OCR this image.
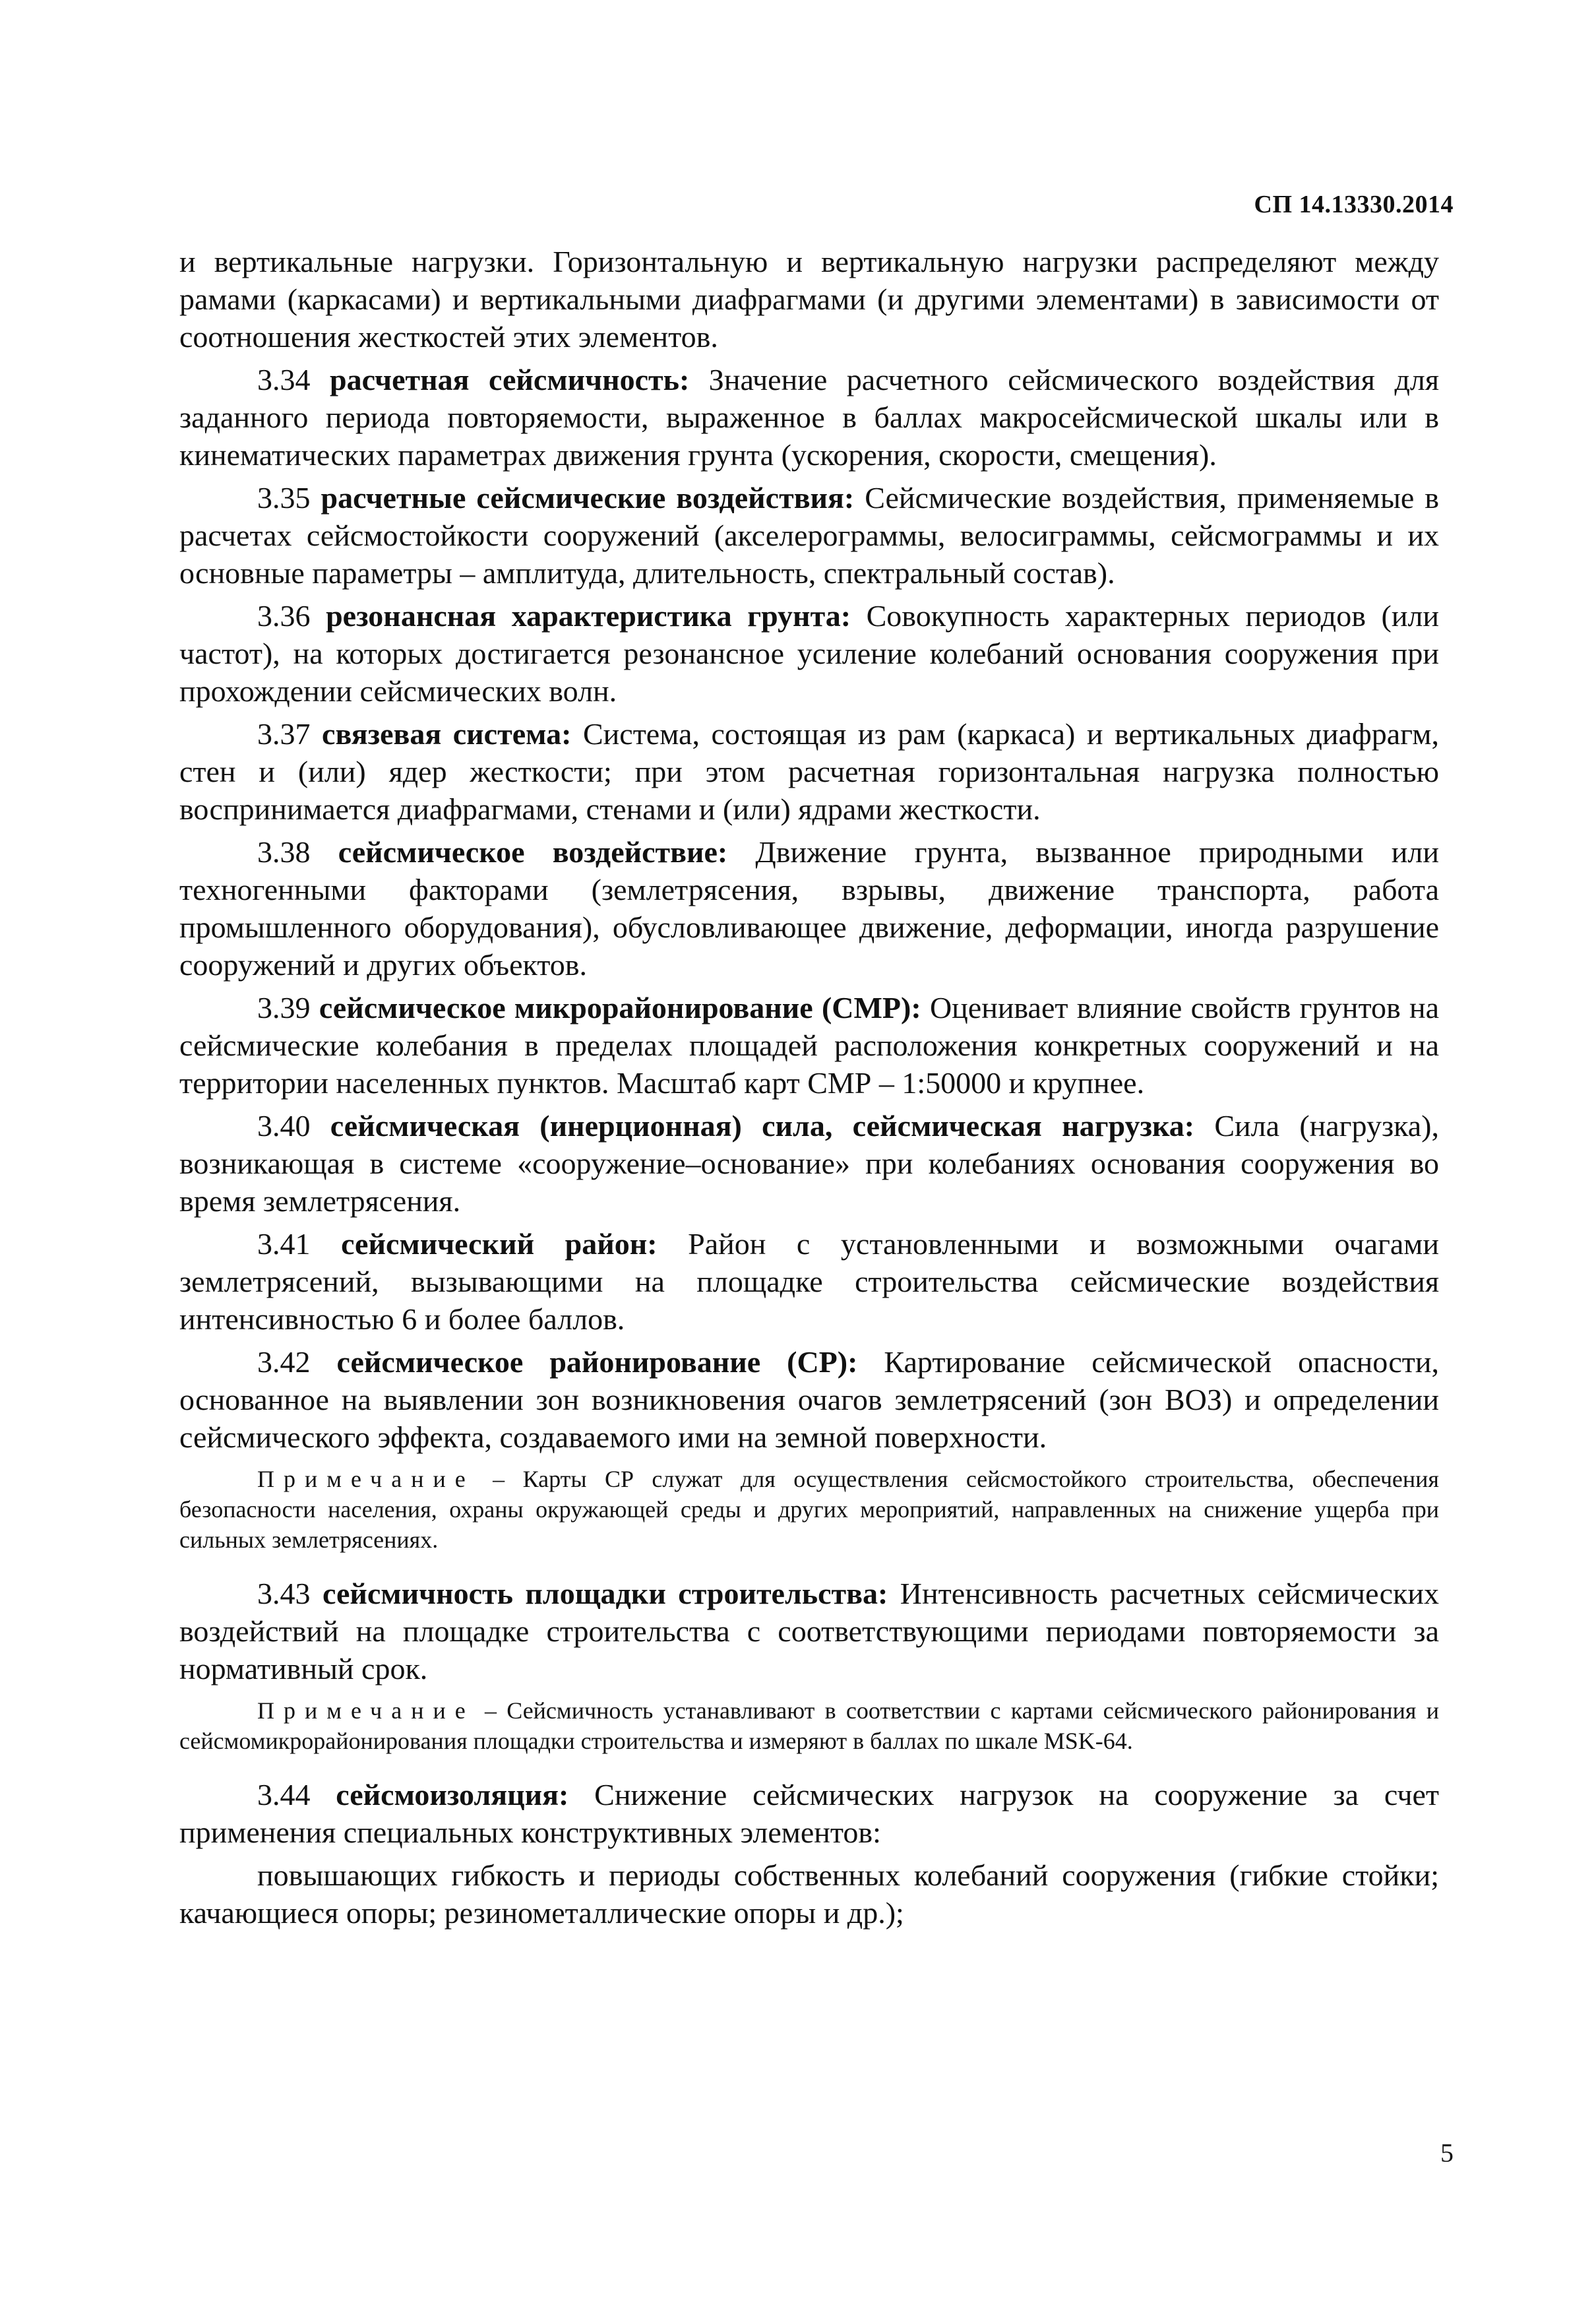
СП 14.13330.2014

и вертикальные нагрузки. Горизонтальную и вертикальную нагрузки распределяют между рамами (каркасами) и вертикальными диафрагмами (и другими элементами) в зависимости от соотношения жесткостей этих элементов.

3.34 расчетная сейсмичность: Значение расчетного сейсмического воздействия для заданного периода повторяемости, выраженное в баллах макросейсмической шкалы или в кинематических параметрах движения грунта (ускорения, скорости, смещения).

3.35 расчетные сейсмические воздействия: Сейсмические воздействия, применяемые в расчетах сейсмостойкости сооружений (акселерограммы, велосиграммы, сейсмограммы и их основные параметры – амплитуда, длительность, спектральный состав).

3.36 резонансная характеристика грунта: Совокупность характерных периодов (или частот), на которых достигается резонансное усиление колебаний основания сооружения при прохождении сейсмических волн.

3.37 связевая система: Система, состоящая из рам (каркаса) и вертикальных диафрагм, стен и (или) ядер жесткости; при этом расчетная горизонтальная нагрузка полностью воспринимается диафрагмами, стенами и (или) ядрами жесткости.

3.38 сейсмическое воздействие: Движение грунта, вызванное природными или техногенными факторами (землетрясения, взрывы, движение транспорта, работа промышленного оборудования), обусловливающее движение, деформации, иногда разрушение сооружений и других объектов.

3.39 сейсмическое микрорайонирование (СМР): Оценивает влияние свойств грунтов на сейсмические колебания в пределах площадей расположения конкретных сооружений и на территории населенных пунктов. Масштаб карт СМР – 1:50000 и крупнее.

3.40 сейсмическая (инерционная) сила, сейсмическая нагрузка: Сила (нагрузка), возникающая в системе «сооружение–основание» при колебаниях основания сооружения во время землетрясения.

3.41 сейсмический район: Район с установленными и возможными очагами землетрясений, вызывающими на площадке строительства сейсмические воздействия интенсивностью 6 и более баллов.

3.42 сейсмическое районирование (СР): Картирование сейсмической опасности, основанное на выявлении зон возникновения очагов землетрясений (зон ВОЗ) и определении сейсмического эффекта, создаваемого ими на земной поверхности.

Примечание – Карты СР служат для осуществления сейсмостойкого строительства, обеспечения безопасности населения, охраны окружающей среды и других мероприятий, направленных на снижение ущерба при сильных землетрясениях.

3.43 сейсмичность площадки строительства: Интенсивность расчетных сейсмических воздействий на площадке строительства с соответствующими периодами повторяемости за нормативный срок.

Примечание – Сейсмичность устанавливают в соответствии с картами сейсмического районирования и сейсмомикрорайонирования площадки строительства и измеряют в баллах по шкале MSK-64.

3.44 сейсмоизоляция: Снижение сейсмических нагрузок на сооружение за счет применения специальных конструктивных элементов:

повышающих гибкость и периоды собственных колебаний сооружения (гибкие стойки; качающиеся опоры; резинометаллические опоры и др.);

5
